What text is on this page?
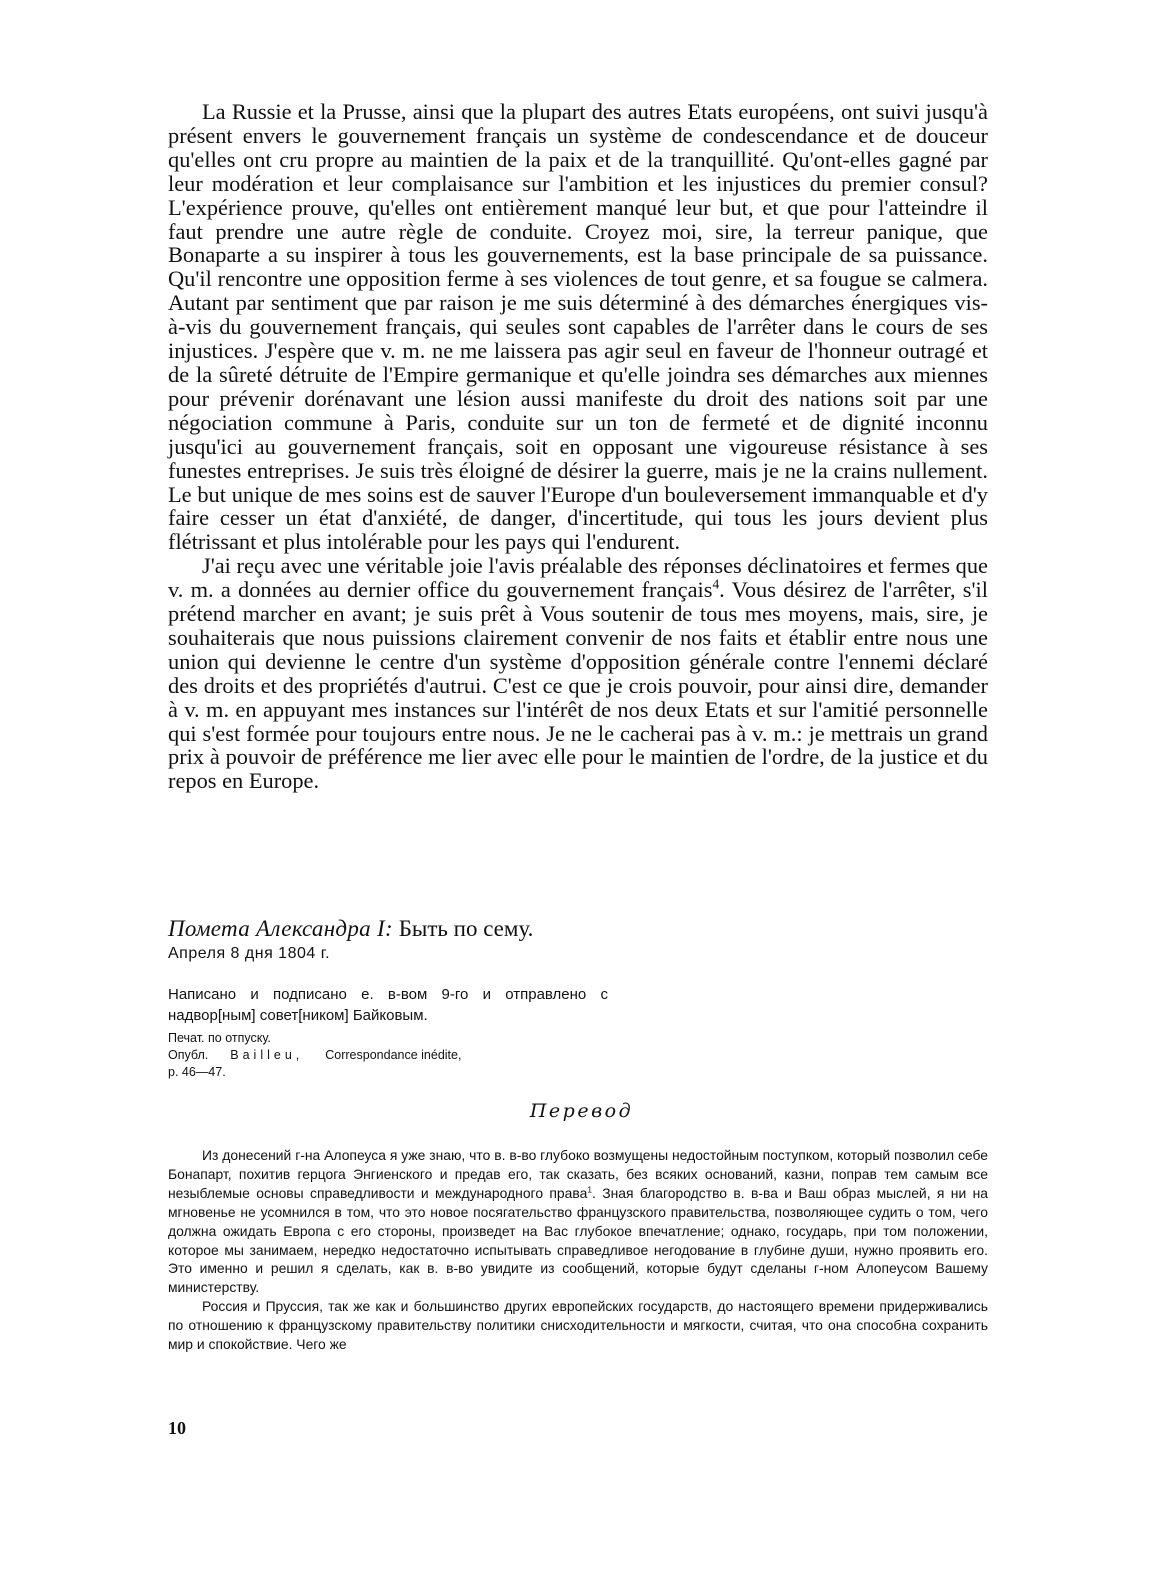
La Russie et la Prusse, ainsi que la plupart des autres Etats européens, ont suivi jusqu'à présent envers le gouvernement français un système de condescendance et de douceur qu'elles ont cru propre au maintien de la paix et de la tranquillité. Qu'ont-elles gagné par leur modération et leur complaisance sur l'ambition et les injustices du premier consul? L'expérience prouve, qu'elles ont entièrement manqué leur but, et que pour l'atteindre il faut prendre une autre règle de conduite. Croyez moi, sire, la terreur panique, que Bonaparte a su inspirer à tous les gouvernements, est la base principale de sa puissance. Qu'il rencontre une opposition ferme à ses violences de tout genre, et sa fougue se calmera. Autant par sentiment que par raison je me suis déterminé à des démarches énergiques vis-à-vis du gouvernement français, qui seules sont capables de l'arrêter dans le cours de ses injustices. J'espère que v. m. ne me laissera pas agir seul en faveur de l'honneur outragé et de la sûreté détruite de l'Empire germanique et qu'elle joindra ses démarches aux miennes pour prévenir dorénavant une lésion aussi manifeste du droit des nations soit par une négociation commune à Paris, conduite sur un ton de fermeté et de dignité inconnu jusqu'ici au gouvernement français, soit en opposant une vigoureuse résistance à ses funestes entreprises. Je suis très éloigné de désirer la guerre, mais je ne la crains nullement. Le but unique de mes soins est de sauver l'Europe d'un bouleversement immanquable et d'y faire cesser un état d'anxiété, de danger, d'incertitude, qui tous les jours devient plus flétrissant et plus intolérable pour les pays qui l'endurent.

J'ai reçu avec une véritable joie l'avis préalable des réponses déclinatoires et fermes que v. m. a données au dernier office du gouvernement français$^4$. Vous désirez de l'arrêter, s'il prétend marcher en avant; je suis prêt à Vous soutenir de tous mes moyens, mais, sire, je souhaiterais que nous puissions clairement convenir de nos faits et établir entre nous une union qui devienne le centre d'un système d'opposition générale contre l'ennemi déclaré des droits et des propriétés d'autrui. C'est ce que je crois pouvoir, pour ainsi dire, demander à v. m. en appuyant mes instances sur l'intérêt de nos deux Etats et sur l'amitié personnelle qui s'est formée pour toujours entre nous. Je ne le cacherai pas à v. m.: je mettrais un grand prix à pouvoir de préférence me lier avec elle pour le maintien de l'ordre, de la justice et du repos en Europe.

Помета Александра I: Быть по сему.
Апреля 8 дня 1804 г.
Написано и подписано е. в-вом 9-го и отправлено с надвор[ным] совет[ником] Байковым.
Печат. по отпуску.
Опубл. Bailleu, Correspondance inédite,
p. 46—47.
Перевод

Из донесений г-на Алопеуса я уже знаю, что в. в-во глубоко возмущены недостойным поступком, который позволил себе Бонапарт, похитив герцога Энгиенского и предав его, так сказать, без всяких оснований, казни, поправ тем самым все незыблемые основы справедливости и международного права$^1$. Зная благородство в. в-ва и Ваш образ мыслей, я ни на мгновенье не усомнился в том, что это новое посягательство французского правительства, позволяющее судить о том, чего должна ожидать Европа с его стороны, произведет на Вас глубокое впечатление; однако, государь, при том положении, которое мы занимаем, нередко недостаточно испытывать справедливое негодование в глубине души, нужно проявить его. Это именно и решил я сделать, как в. в-во увидите из сообщений, которые будут сделаны г-ном Алопеусом Вашему министерству.

Россия и Пруссия, так же как и большинство других европейских государств, до настоящего времени придерживались по отношению к французскому правительству политики снисходительности и мягкости, считая, что она способна сохранить мир и спокойствие. Чего же

10
